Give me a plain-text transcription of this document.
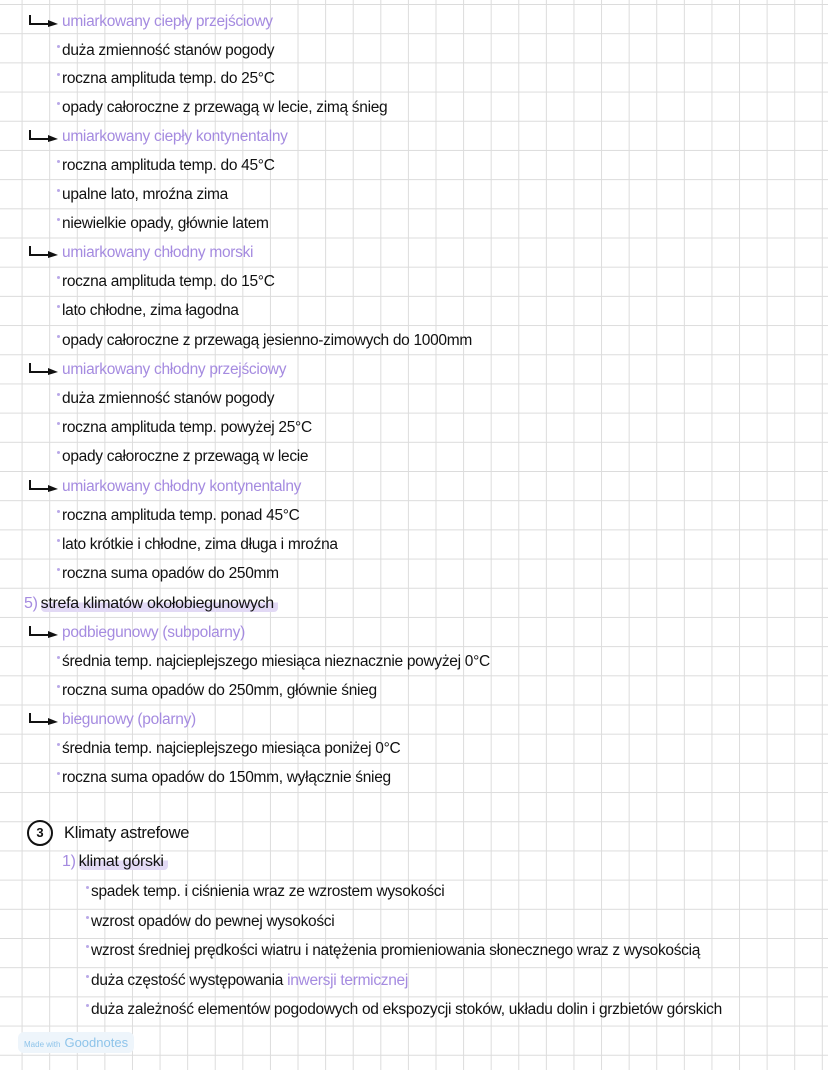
umiarkowany ciepły przejściowy
duża zmienność stanów pogody
roczna amplituda temp. do 25°C
opady całoroczne z przewagą w lecie, zimą śnieg
umiarkowany ciepły kontynentalny
roczna amplituda temp. do 45°C
upalne lato, mroźna zima
niewielkie opady, głównie latem
umiarkowany chłodny morski
roczna amplituda temp. do 15°C
lato chłodne, zima łagodna
opady całoroczne z przewagą jesienno-zimowych do 1000mm
umiarkowany chłodny przejściowy
duża zmienność stanów pogody
roczna amplituda temp. powyżej 25°C
opady całoroczne z przewagą w lecie
umiarkowany chłodny kontynentalny
roczna amplituda temp. ponad 45°C
lato krótkie i chłodne, zima długa i mroźna
roczna suma opadów do 250mm
5) strefa klimatów okołobiegunowych
podbiegunowy (subpolarny)
średnia temp. najcieplejszego miesiąca nieznacznie powyżej 0°C
roczna suma opadów do 250mm, głównie śnieg
biegunowy (polarny)
średnia temp. najcieplejszego miesiąca poniżej 0°C
roczna suma opadów do 150mm, wyłącznie śnieg
3	Klimaty astrefowe
1) klimat górski
spadek temp. i ciśnienia wraz ze wzrostem wysokości
wzrost opadów do pewnej wysokości
wzrost średniej prędkości wiatru i natężenia promieniowania słonecznego wraz z wysokością
duża częstość występowania inwersji termicznej
duża zależność elementów pogodowych od ekspozycji stoków, układu dolin i grzbietów górskich
Made with Goodnotes
